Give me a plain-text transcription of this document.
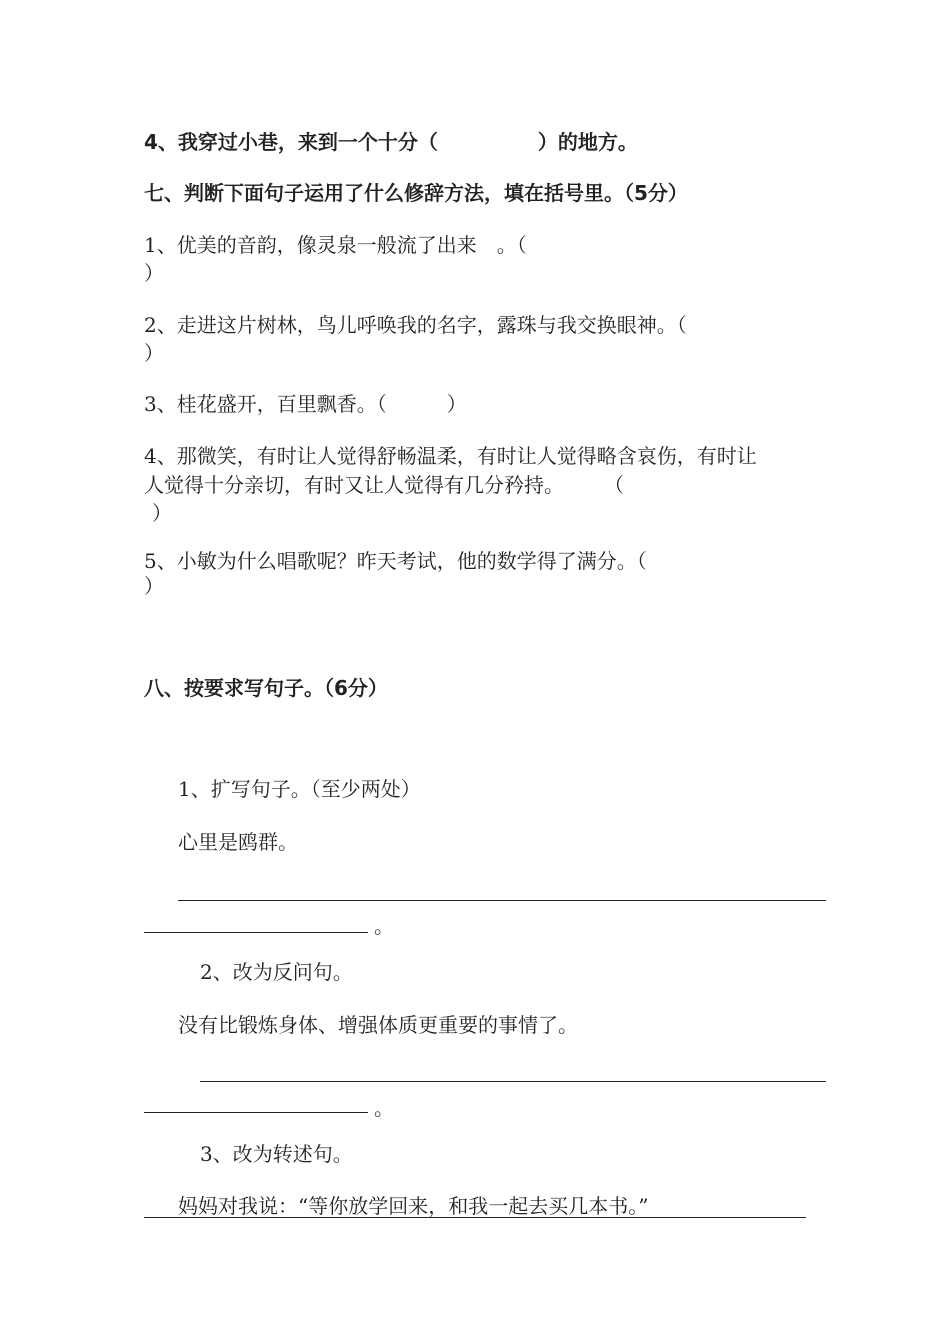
4、我穿过小巷，来到一个十分（　　　　　）的地方。
七、判断下面句子运用了什么修辞方法，填在括号里。（5分）
1、优美的音韵，像灵泉一般流了出来　。（
）
2、走进这片树林，鸟儿呼唤我的名字，露珠与我交换眼神。（
）
3、桂花盛开，百里飘香。（　　　）
4、那微笑，有时让人觉得舒畅温柔，有时让人觉得略含哀伤，有时让
人觉得十分亲切，有时又让人觉得有几分矜持。　　　（
）
5、小敏为什么唱歌呢？昨天考试，他的数学得了满分。（
）
八、按要求写句子。（6分）
1、扩写句子。（至少两处）
心里是鸥群。
。
2、改为反问句。
没有比锻炼身体、增强体质更重要的事情了。
。
3、改为转述句。
妈妈对我说：“等你放学回来，和我一起去买几本书。”
